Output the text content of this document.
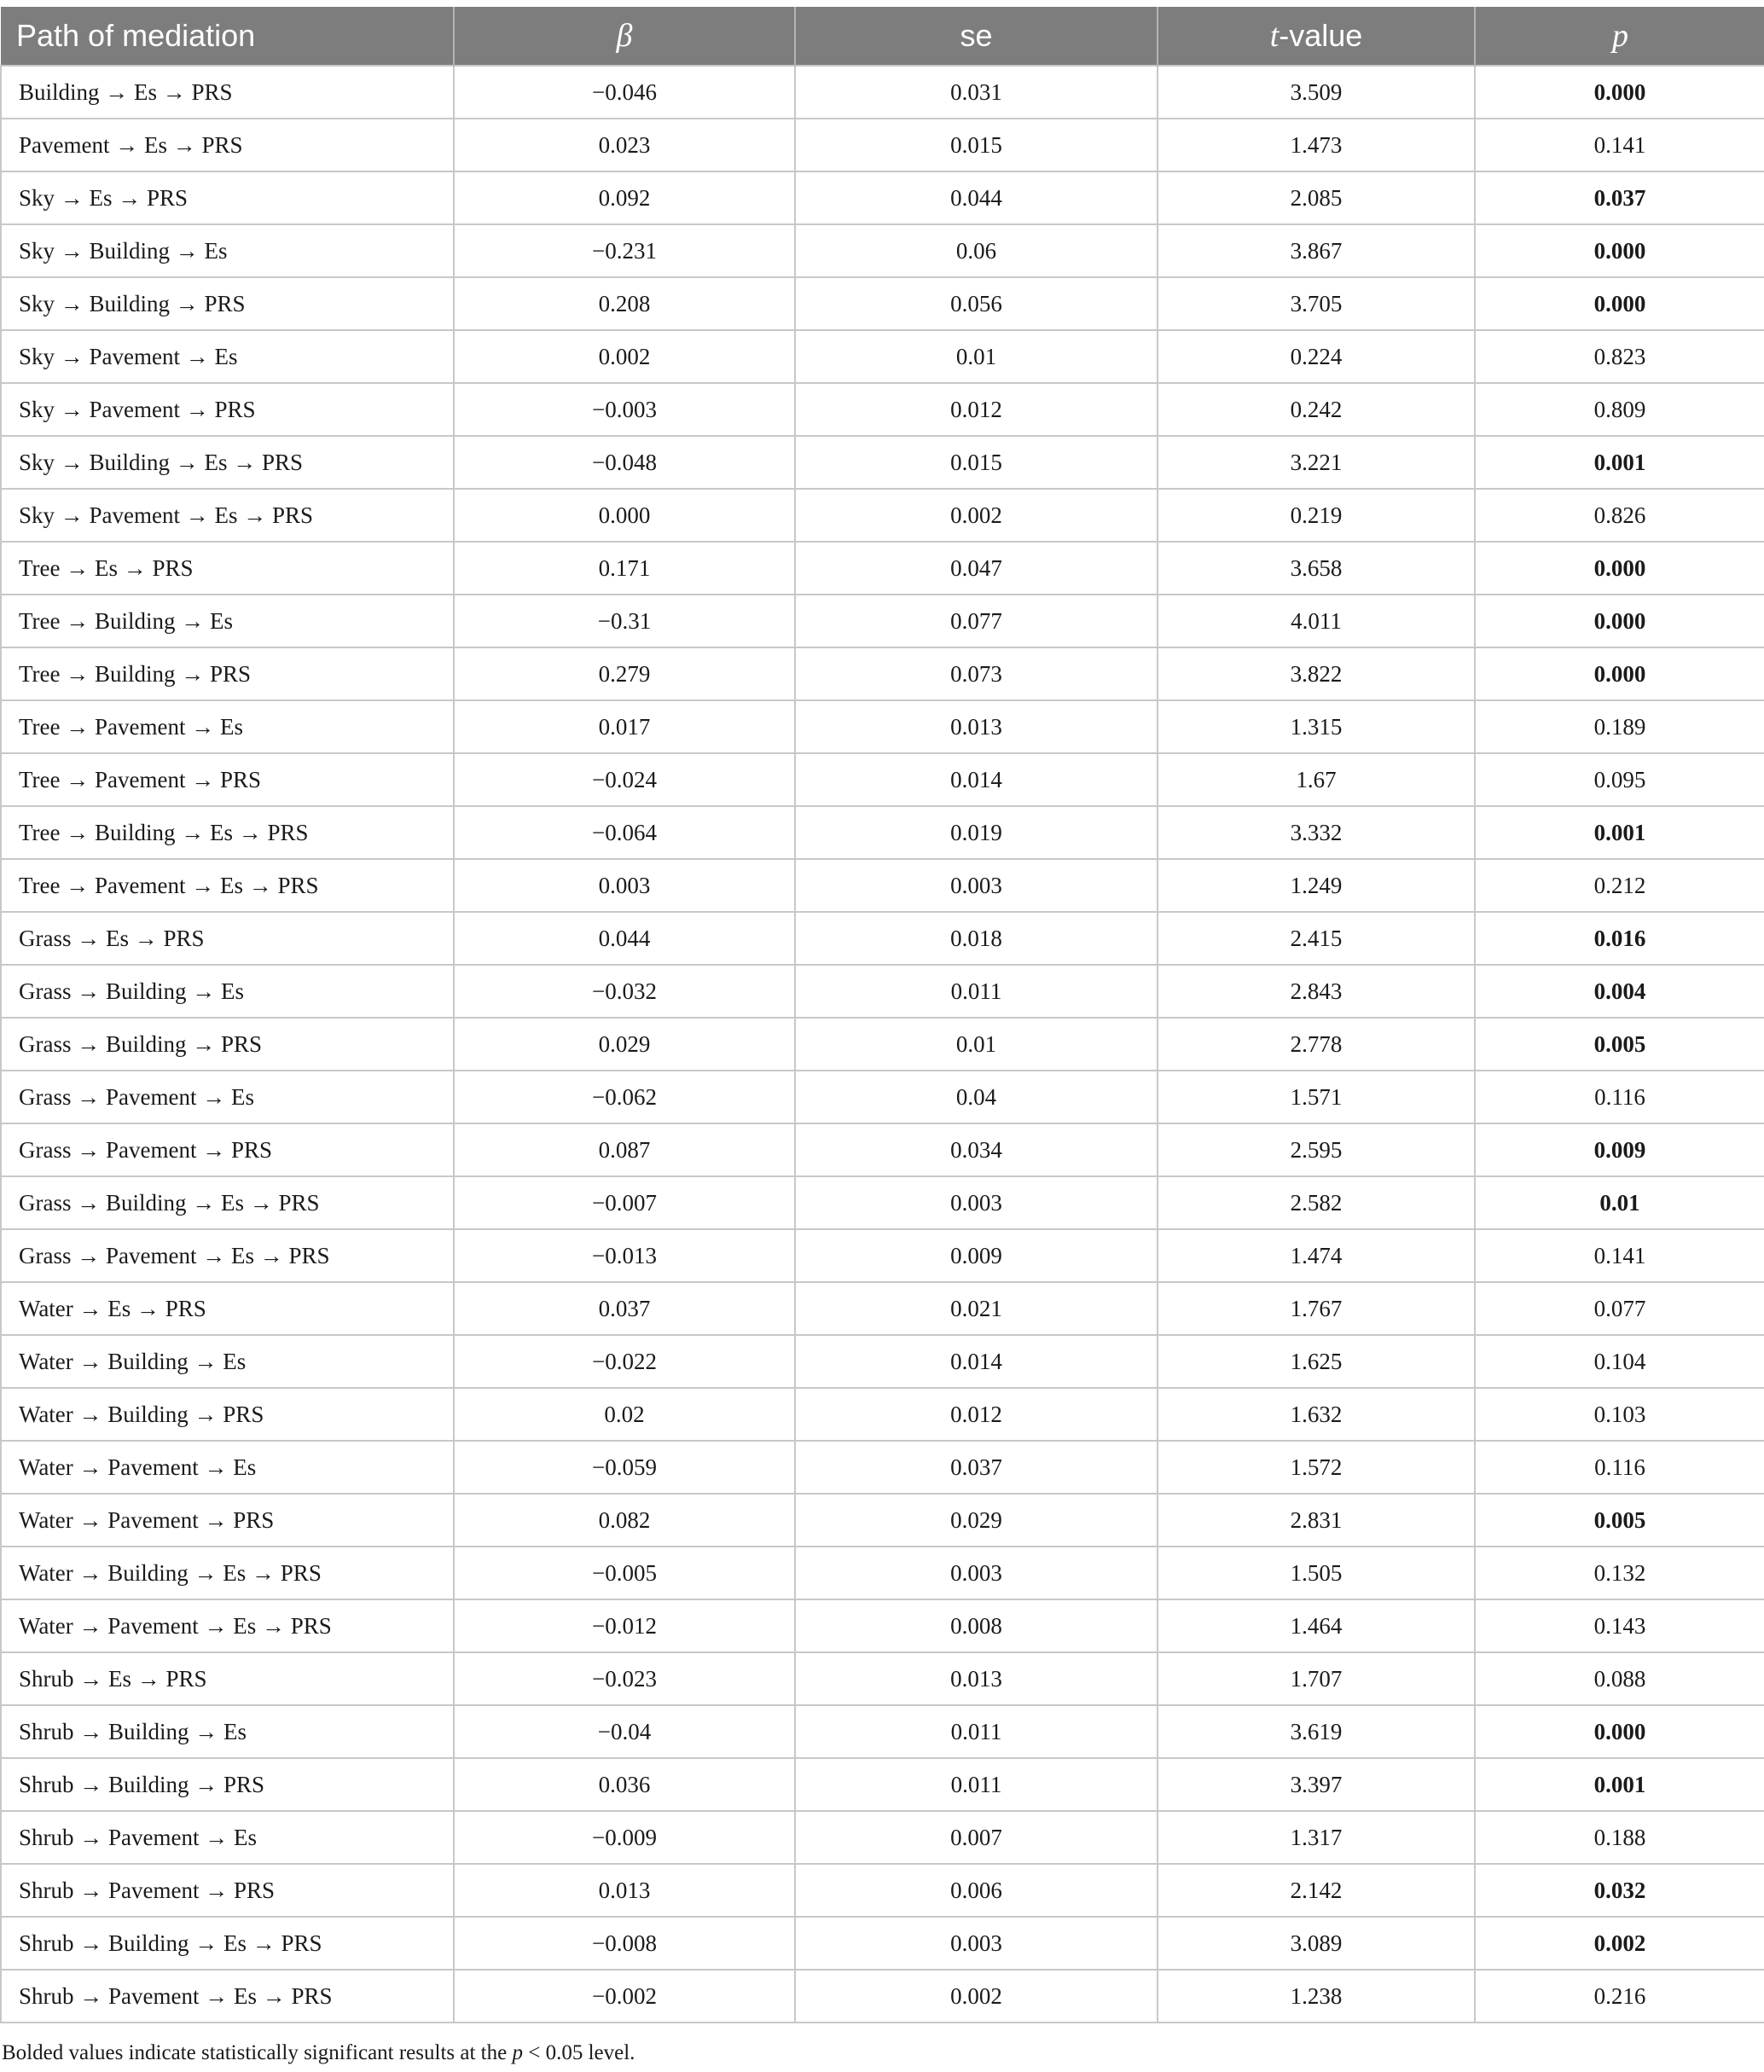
Path of mediation	β	se	t-value	p
Building → Es → PRS	−0.046	0.031	3.509	0.000
Pavement → Es → PRS	0.023	0.015	1.473	0.141
Sky → Es → PRS	0.092	0.044	2.085	0.037
Sky → Building → Es	−0.231	0.06	3.867	0.000
Sky → Building → PRS	0.208	0.056	3.705	0.000
Sky → Pavement → Es	0.002	0.01	0.224	0.823
Sky → Pavement → PRS	−0.003	0.012	0.242	0.809
Sky → Building → Es → PRS	−0.048	0.015	3.221	0.001
Sky → Pavement → Es → PRS	0.000	0.002	0.219	0.826
Tree → Es → PRS	0.171	0.047	3.658	0.000
Tree → Building → Es	−0.31	0.077	4.011	0.000
Tree → Building → PRS	0.279	0.073	3.822	0.000
Tree → Pavement → Es	0.017	0.013	1.315	0.189
Tree → Pavement → PRS	−0.024	0.014	1.67	0.095
Tree → Building → Es → PRS	−0.064	0.019	3.332	0.001
Tree → Pavement → Es → PRS	0.003	0.003	1.249	0.212
Grass → Es → PRS	0.044	0.018	2.415	0.016
Grass → Building → Es	−0.032	0.011	2.843	0.004
Grass → Building → PRS	0.029	0.01	2.778	0.005
Grass → Pavement → Es	−0.062	0.04	1.571	0.116
Grass → Pavement → PRS	0.087	0.034	2.595	0.009
Grass → Building → Es → PRS	−0.007	0.003	2.582	0.01
Grass → Pavement → Es → PRS	−0.013	0.009	1.474	0.141
Water → Es → PRS	0.037	0.021	1.767	0.077
Water → Building → Es	−0.022	0.014	1.625	0.104
Water → Building → PRS	0.02	0.012	1.632	0.103
Water → Pavement → Es	−0.059	0.037	1.572	0.116
Water → Pavement → PRS	0.082	0.029	2.831	0.005
Water → Building → Es → PRS	−0.005	0.003	1.505	0.132
Water → Pavement → Es → PRS	−0.012	0.008	1.464	0.143
Shrub → Es → PRS	−0.023	0.013	1.707	0.088
Shrub → Building → Es	−0.04	0.011	3.619	0.000
Shrub → Building → PRS	0.036	0.011	3.397	0.001
Shrub → Pavement → Es	−0.009	0.007	1.317	0.188
Shrub → Pavement → PRS	0.013	0.006	2.142	0.032
Shrub → Building → Es → PRS	−0.008	0.003	3.089	0.002
Shrub → Pavement → Es → PRS	−0.002	0.002	1.238	0.216
Bolded values indicate statistically significant results at the p < 0.05 level.
